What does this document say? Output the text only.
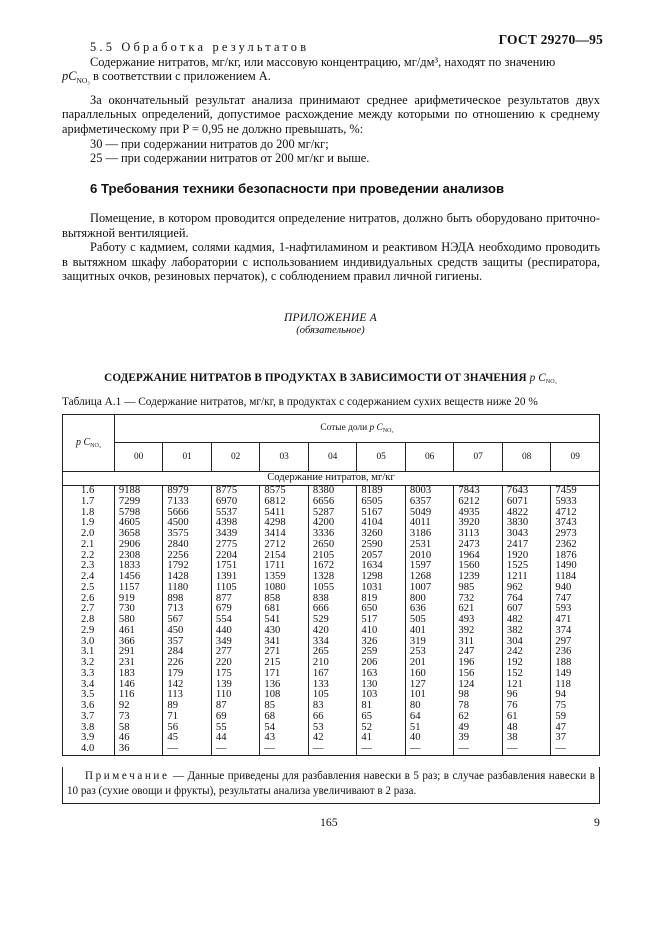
ГОСТ 29270—95

5.5 Обработка результатов

Содержание нитратов, мг/кг, или массовую концентрацию, мг/дм³, находят по значению

$pC_{NO_3}$ в соответствии с приложением А.

За окончательный результат анализа принимают среднее арифметическое результатов двух параллельных определений, допустимое расхождение между которыми по отношению к среднему арифметическому при P = 0,95 не должно превышать, %:

30 — при содержании нитратов до 200 мг/кг;

25 — при содержании нитратов от 200 мг/кг и выше.

6 Требования техники безопасности при проведении анализов

Помещение, в котором проводится определение нитратов, должно быть оборудовано приточно-вытяжной вентиляцией.

Работу с кадмием, солями кадмия, 1-нафтиламином и реактивом НЭДА необходимо проводить в вытяжном шкафу лаборатории с использованием индивидуальных средств защиты (респиратора, защитных очков, резиновых перчаток), с соблюдением правил личной гигиены.

ПРИЛОЖЕНИЕ А
(обязательное)
СОДЕРЖАНИЕ НИТРАТОВ В ПРОДУКТАХ В ЗАВИСИМОСТИ ОТ ЗНАЧЕНИЯ p CNO₃
Таблица А.1 — Содержание нитратов, мг/кг, в продуктах с содержанием сухих веществ ниже 20 %
p $C_{NO_3}$	Сотые доли p $C_{NO_3}$
	00	01	02	03	04	05	06	07	08	09
Содержание нитратов, мг/кг										
1.6	9188	8979	8775	8575	8380	8189	8003	7843	7643	7459
1.7	7299	7133	6970	6812	6656	6505	6357	6212	6071	5933
1.8	5798	5666	5537	5411	5287	5167	5049	4935	4822	4712
1.9	4605	4500	4398	4298	4200	4104	4011	3920	3830	3743
2.0	3658	3575	3439	3414	3336	3260	3186	3113	3043	2973
2.1	2906	2840	2775	2712	2650	2590	2531	2473	2417	2362
2.2	2308	2256	2204	2154	2105	2057	2010	1964	1920	1876
2.3	1833	1792	1751	1711	1672	1634	1597	1560	1525	1490
2.4	1456	1428	1391	1359	1328	1298	1268	1239	1211	1184
2.5	1157	1180	1105	1080	1055	1031	1007	985	962	940
2.6	919	898	877	858	838	819	800	732	764	747
2.7	730	713	679	681	666	650	636	621	607	593
2.8	580	567	554	541	529	517	505	493	482	471
2.9	461	450	440	430	420	410	401	392	382	374
3.0	366	357	349	341	334	326	319	311	304	297
3.1	291	284	277	271	265	259	253	247	242	236
3.2	231	226	220	215	210	206	201	196	192	188
3.3	183	179	175	171	167	163	160	156	152	149
3.4	146	142	139	136	133	130	127	124	121	118
3.5	116	113	110	108	105	103	101	98	96	94
3.6	92	89	87	85	83	81	80	78	76	75
3.7	73	71	69	68	66	65	64	62	61	59
3.8	58	56	55	54	53	52	51	49	48	47
3.9	46	45	44	43	42	41	40	39	38	37
4.0	36	—	—	—	—	—	—	—	—	—
Примечание — Данные приведены для разбавления навески в 5 раз; в случае разбавления навески в 10 раз (сухие овощи и фрукты), результаты анализа увеличивают в 2 раза.
165	9
